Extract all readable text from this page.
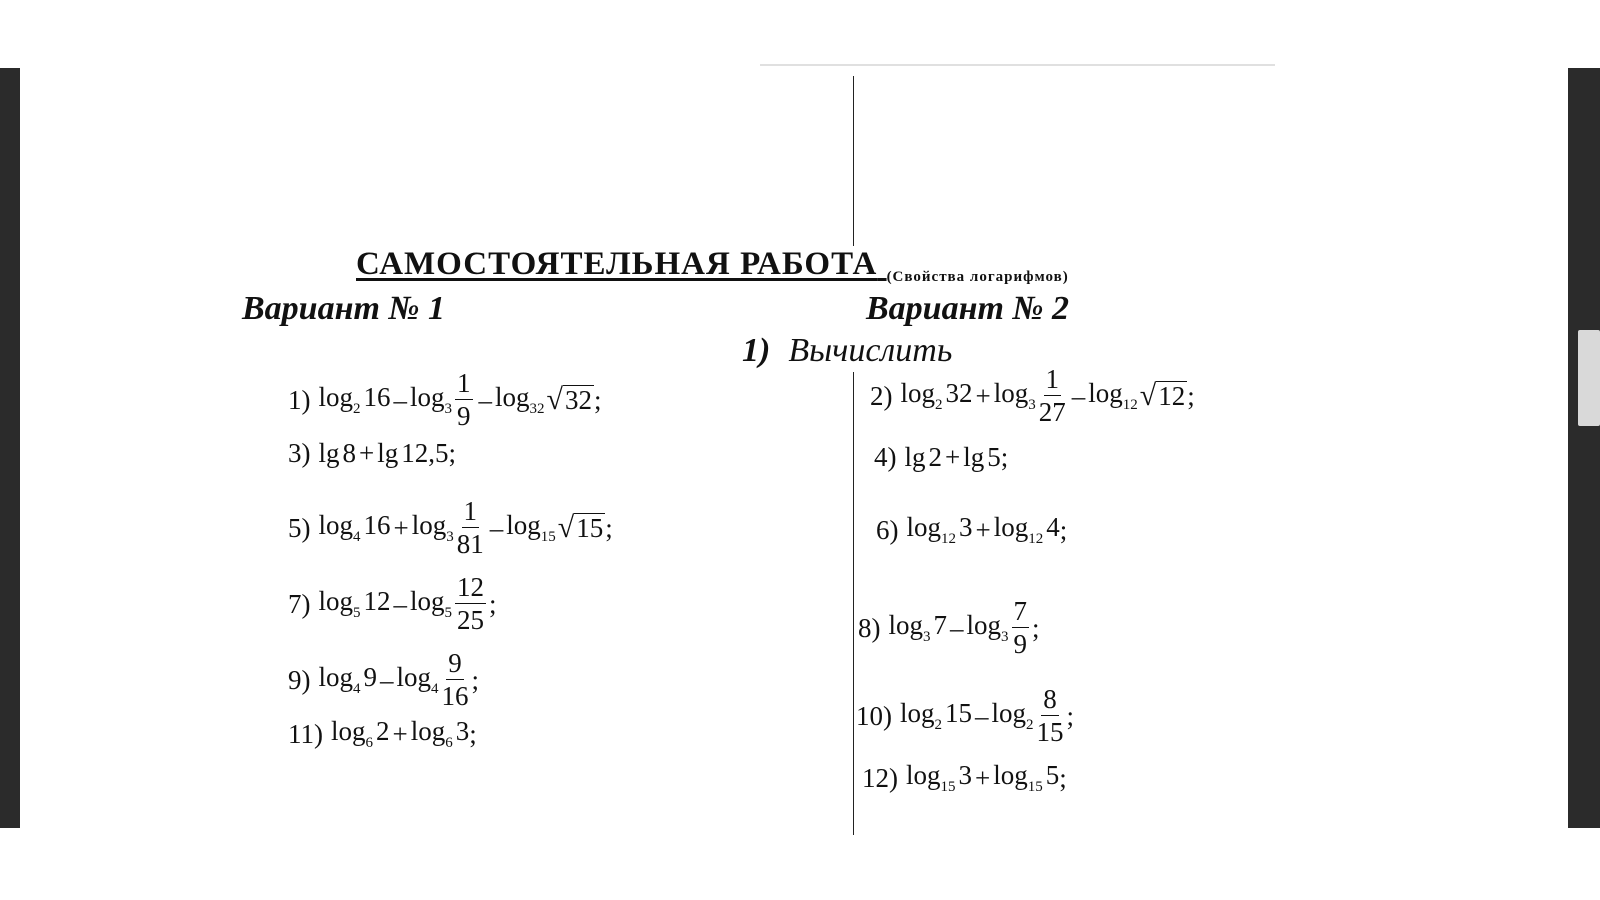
САМОСТОЯТЕЛЬНАЯ РАБОТА $_{(Свойства логарифмов)}$
Вариант № 1	Вариант № 2
1) Вычислить
1) $\log_2 16 - \log_3 \frac{1}{9} - \log_{32}$ √ 32 ;	2) $\log_2 32 + \log_3 \frac{1}{27} - \log_{12}$ √ 12 ;
3) lg 8 + lg 12,5 ;	4) lg 2 + lg 5 ;
5) $\log_4 16 + \log_3 \frac{1}{81} - \log_{15}$ √ 15 ;	6) $\log_{12} 3 + \log_{12} 4$ ;
7) $\log_5 12 - \log_5 \frac{12}{25}$ ;
8) $\log_3 7 - \log_3 \frac{7}{9}$ ;
9) $\log_4 9 - \log_4 \frac{9}{16}$ ;
10) $\log_2 15 - \log_2 \frac{8}{15}$ ;
11) $\log_6 2 + \log_6 3$ ;
12) $\log_{15} 3 + \log_{15} 5$ ;
